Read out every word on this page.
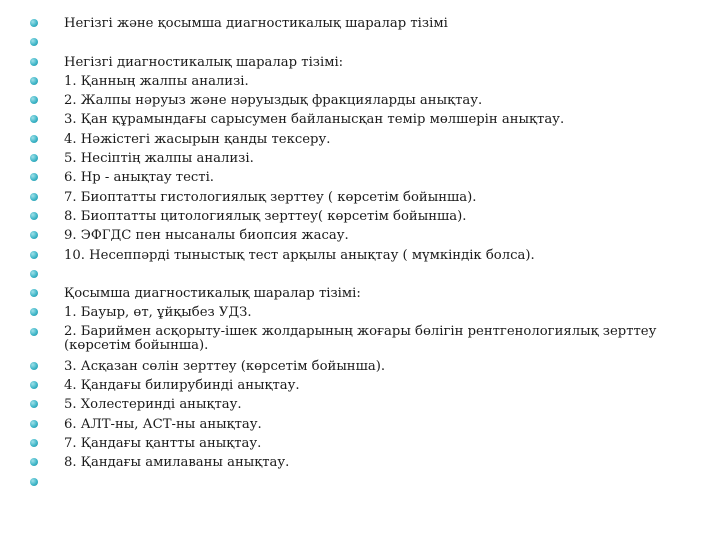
Негізгі және қосымша диагностикалық шаралар тізімі
Негізгі диагностикалық шаралар тізімі:
1. Қанның жалпы анализі.
2. Жалпы нәруыз және нәруыздық фракцияларды анықтау.
3. Қан құрамындағы сарысумен байланысқан темір мөлшерін анықтау.
4. Нәжістегі жасырын қанды тексеру.
5. Несіптің жалпы анализі.
6. Нр - анықтау тесті.
7. Биоптатты гистологиялық зерттеу ( көрсетім бойынша).
8. Биоптатты цитологиялық зерттеу( көрсетім бойынша).
9. ЭФГДС пен нысаналы биопсия жасау.
10. Несеппәрді тыныстық тест арқылы анықтау ( мүмкіндік болса).
Қосымша диагностикалық шаралар тізімі:
1. Бауыр, өт, ұйқыбез УДЗ.
2. Бариймен асқорыту-ішек жолдарының жоғары бөлігін рентгенологиялық зерттеу (көрсетім бойынша).
3. Асқазан сөлін зерттеу (көрсетім бойынша).
4. Қандағы билирубинді анықтау.
5. Холестеринді анықтау.
6. АЛТ-ны, АСТ-ны анықтау.
7. Қандағы қантты анықтау.
8. Қандағы амилаваны анықтау.
